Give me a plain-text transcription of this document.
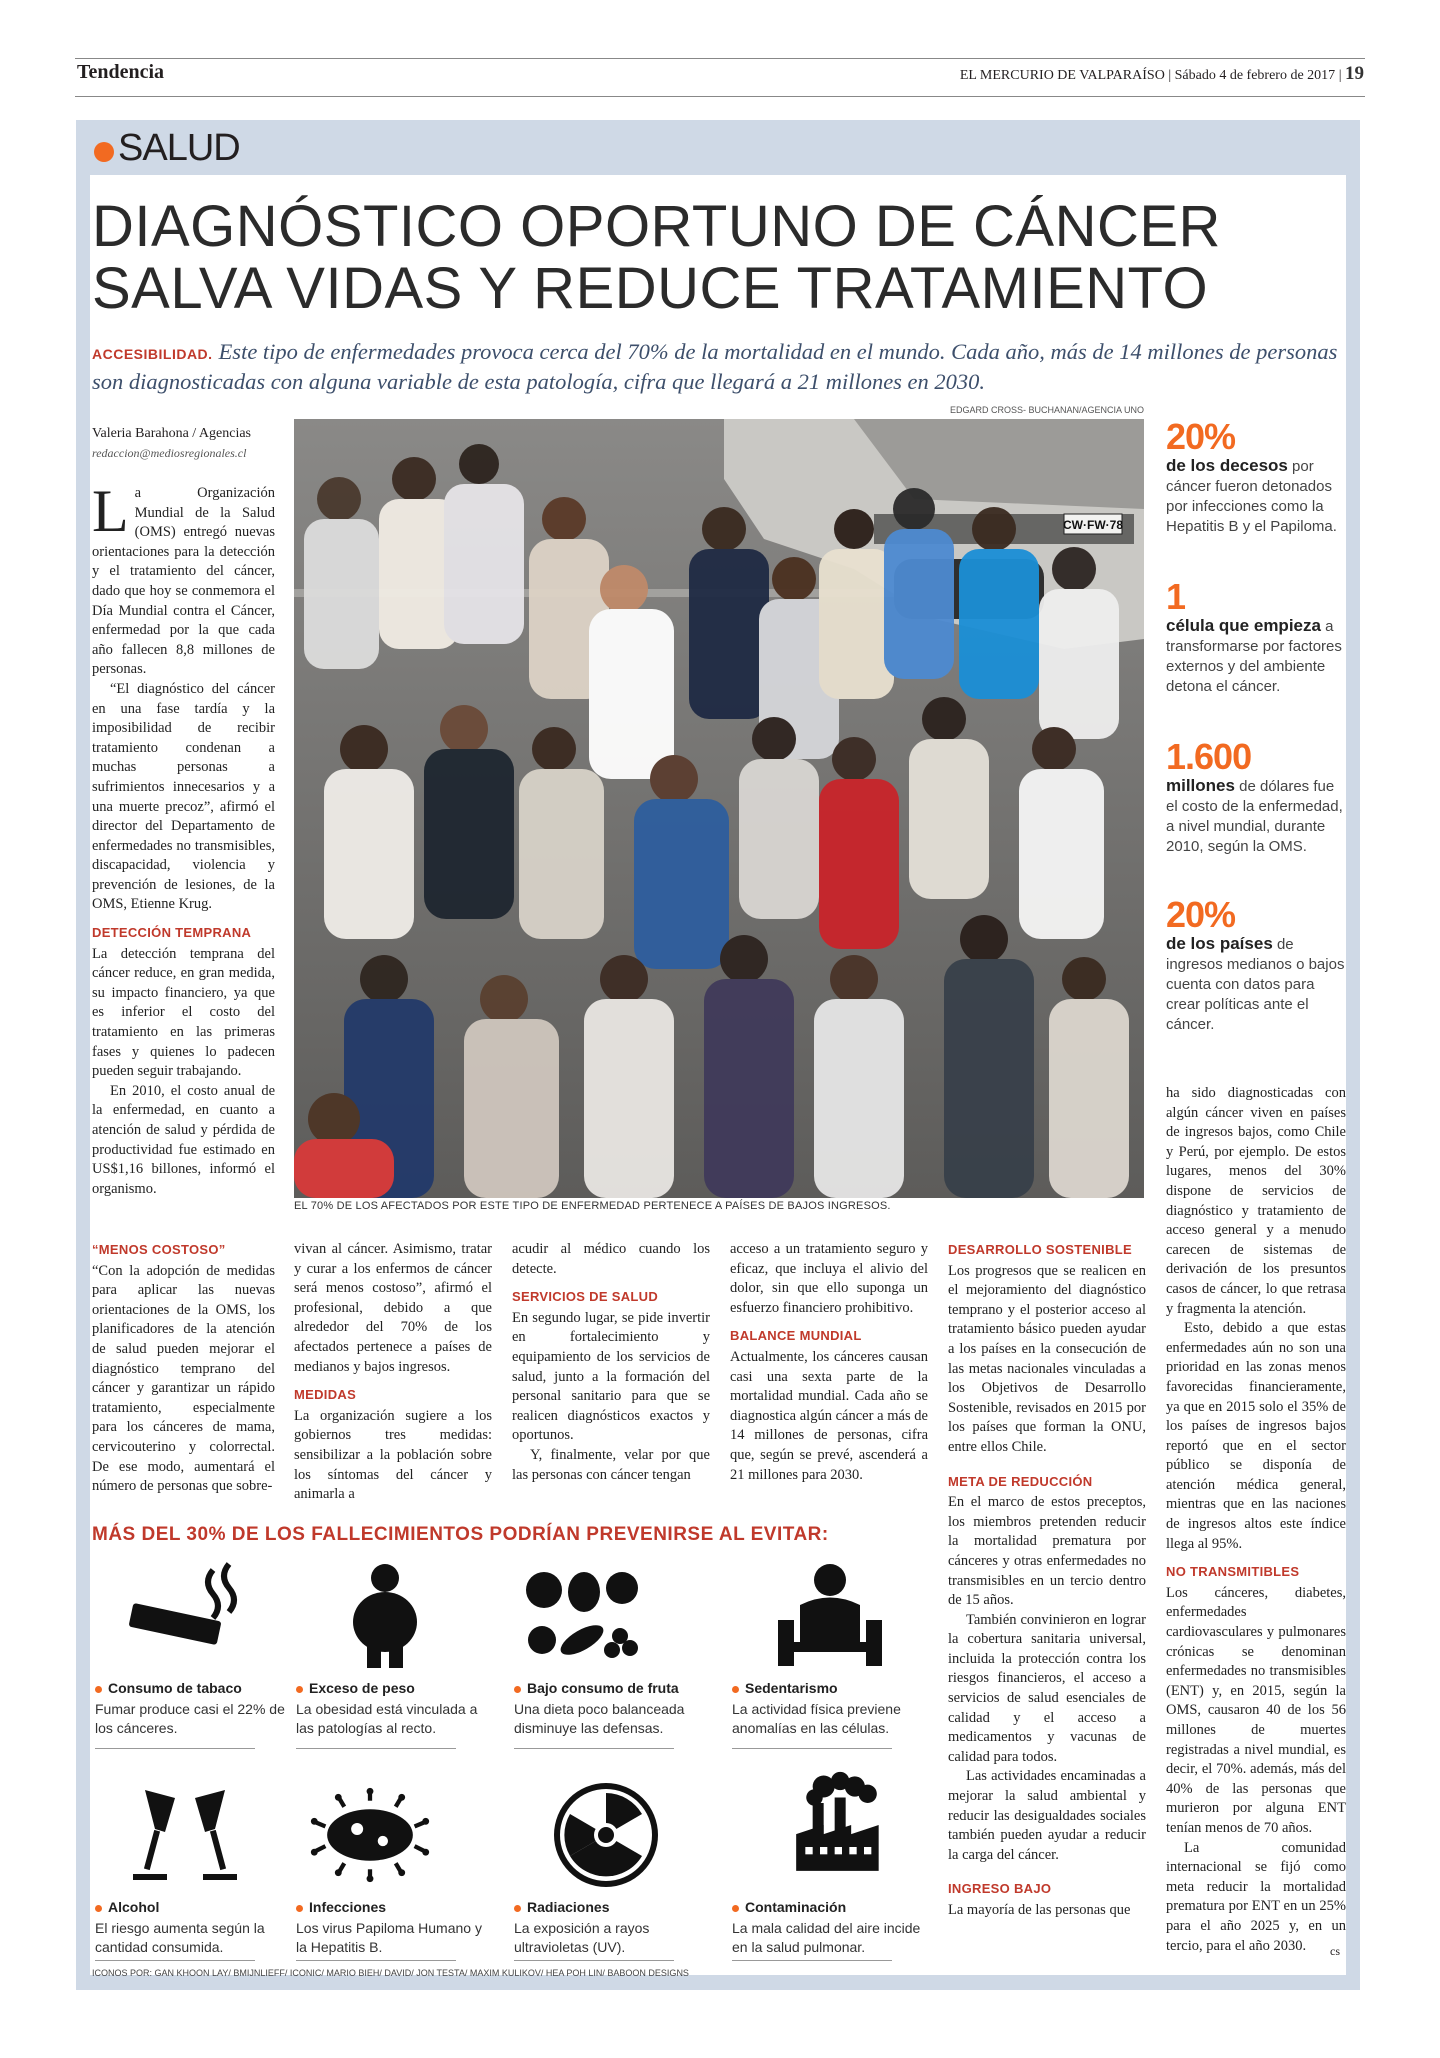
Tendencia	EL MERCURIO DE VALPARAÍSO | Sábado 4 de febrero de 2017 | 19
SALUD
DIAGNÓSTICO OPORTUNO DE CÁNCER
SALVA VIDAS Y REDUCE TRATAMIENTO
ACCESIBILIDAD. Este tipo de enfermedades provoca cerca del 70% de la mortalidad en el mundo. Cada año, más de 14 millones de personas son diagnosticadas con alguna variable de esta patología, cifra que llegará a 21 millones en 2030.
EDGARD CROSS- BUCHANAN/AGENCIA UNO
CW·FW·78
EL 70% DE LOS AFECTADOS POR ESTE TIPO DE ENFERMEDAD PERTENECE A PAÍSES DE BAJOS INGRESOS.
Valeria Barahona / Agencias
redaccion@mediosregionales.cl

La Organización Mundial de la Salud (OMS) entregó nuevas orientaciones para la detección y el tratamiento del cáncer, dado que hoy se conmemora el Día Mundial contra el Cáncer, enfermedad por la que cada año fallecen 8,8 millones de personas.

“El diagnóstico del cáncer en una fase tardía y la imposibilidad de recibir tratamiento condenan a muchas personas a sufrimientos innecesarios y a una muerte precoz”, afirmó el director del Departamento de enfermedades no transmisibles, discapacidad, violencia y prevención de lesiones, de la OMS, Etienne Krug.

DETECCIÓN TEMPRANA

La detección temprana del cáncer reduce, en gran medida, su impacto financiero, ya que es inferior el costo del tratamiento en las primeras fases y quienes lo padecen pueden seguir trabajando.

En 2010, el costo anual de la enfermedad, en cuanto a atención de salud y pérdida de productividad fue estimado en US$1,16 billones, informó el organismo.

“MENOS COSTOSO”

“Con la adopción de medidas para aplicar las nuevas orientaciones de la OMS, los planificadores de la atención de salud pueden mejorar el diagnóstico temprano del cáncer y garantizar un rápido tratamiento, especialmente para los cánceres de mama, cervicouterino y colorrectal. De ese modo, aumentará el número de personas que sobre-

vivan al cáncer. Asimismo, tratar y curar a los enfermos de cáncer será menos costoso”, afirmó el profesional, debido a que alrededor del 70% de los afectados pertenece a países de medianos y bajos ingresos.

MEDIDAS

La organización sugiere a los gobiernos tres medidas: sensibilizar a la población sobre los síntomas del cáncer y animarla a

acudir al médico cuando los detecte.

SERVICIOS DE SALUD

En segundo lugar, se pide invertir en fortalecimiento y equipamiento de los servicios de salud, junto a la formación del personal sanitario para que se realicen diagnósticos exactos y oportunos.

Y, finalmente, velar por que las personas con cáncer tengan

acceso a un tratamiento seguro y eficaz, que incluya el alivio del dolor, sin que ello suponga un esfuerzo financiero prohibitivo.

BALANCE MUNDIAL

Actualmente, los cánceres causan casi una sexta parte de la mortalidad mundial. Cada año se diagnostica algún cáncer a más de 14 millones de personas, cifra que, según se prevé, ascenderá a 21 millones para 2030.

DESARROLLO SOSTENIBLE

Los progresos que se realicen en el mejoramiento del diagnóstico temprano y el posterior acceso al tratamiento básico pueden ayudar a los países en la consecución de las metas nacionales vinculadas a los Objetivos de Desarrollo Sostenible, revisados en 2015 por los países que forman la ONU, entre ellos Chile.

META DE REDUCCIÓN

En el marco de estos preceptos, los miembros pretenden reducir la mortalidad prematura por cánceres y otras enfermedades no transmisibles en un tercio dentro de 15 años.

También convinieron en lograr la cobertura sanitaria universal, incluida la protección contra los riesgos financieros, el acceso a servicios de salud esenciales de calidad y el acceso a medicamentos y vacunas de calidad para todos.

Las actividades encaminadas a mejorar la salud ambiental y reducir las desigualdades sociales también pueden ayudar a reducir la carga del cáncer.

INGRESO BAJO

La mayoría de las personas que

ha sido diagnosticadas con algún cáncer viven en países de ingresos bajos, como Chile y Perú, por ejemplo. De estos lugares, menos del 30% dispone de servicios de diagnóstico y tratamiento de acceso general y a menudo carecen de sistemas de derivación de los presuntos casos de cáncer, lo que retrasa y fragmenta la atención.

Esto, debido a que estas enfermedades aún no son una prioridad en las zonas menos favorecidas financieramente, ya que en 2015 solo el 35% de los países de ingresos bajos reportó que en el sector público se disponía de atención médica general, mientras que en las naciones de ingresos altos este índice llega al 95%.

NO TRANSMITIBLES

Los cánceres, diabetes, enfermedades cardiovasculares y pulmonares crónicas se denominan enfermedades no transmisibles (ENT) y, en 2015, según la OMS, causaron 40 de los 56 millones de muertes registradas a nivel mundial, es decir, el 70%. además, más del 40% de las personas que murieron por alguna ENT tenían menos de 70 años.

La comunidad internacional se fijó como meta reducir la mortalidad prematura por ENT en un 25% para el año 2025 y, en un tercio, para el año 2030.	cs
20%
de los decesos por cáncer fueron detonados por infecciones como la Hepatitis B y el Papiloma.
1
célula que empieza a transformarse por factores externos y del ambiente detona el cáncer.
1.600
millones de dólares fue el costo de la enfermedad, a nivel mundial, durante 2010, según la OMS.
20%
de los países de ingresos medianos o bajos cuenta con datos para crear políticas ante el cáncer.
MÁS DEL 30% DE LOS FALLECIMIENTOS PODRÍAN PREVENIRSE AL EVITAR:
Consumo de tabaco
Fumar produce casi el 22% de los cánceres.
Exceso de peso
La obesidad está vinculada a las patologías al recto.
Bajo consumo de fruta
Una dieta poco balanceada disminuye las defensas.
Sedentarismo
La actividad física previene anomalías en las células.
Alcohol
El riesgo aumenta según la cantidad consumida.
Infecciones
Los virus Papiloma Humano y la Hepatitis B.
Radiaciones
La exposición a rayos ultravioletas (UV).
Contaminación
La mala calidad del aire incide en la salud pulmonar.
ICONOS POR: GAN KHOON LAY/ BMIJNLIEFF/ ICONIC/ MARIO BIEH/ DAVID/ JON TESTA/ MAXIM KULIKOV/ HEA POH LIN/ BABOON DESIGNS
